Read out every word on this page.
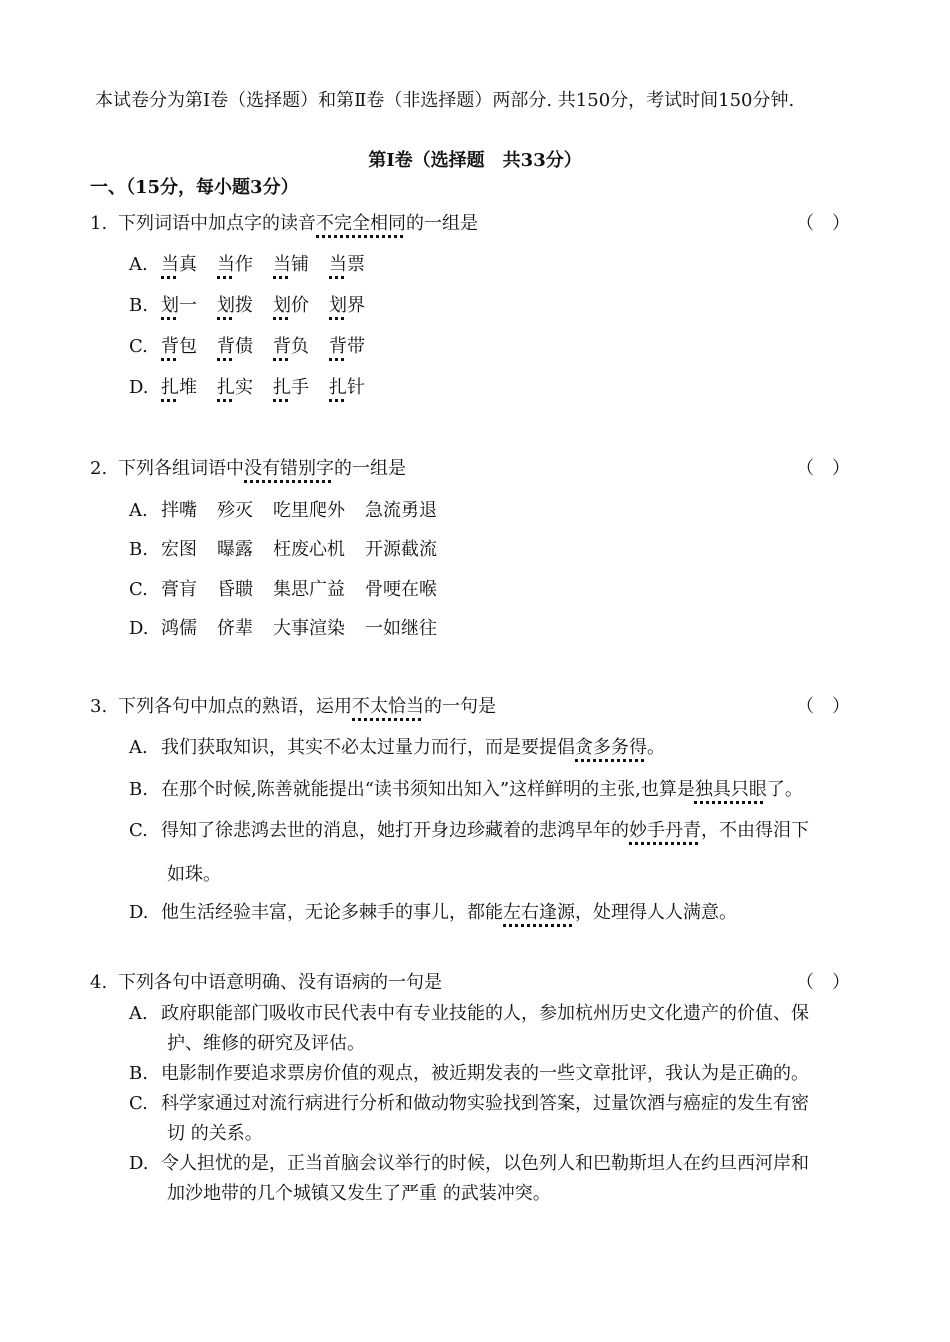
本试卷分为第Ⅰ卷（选择题）和第Ⅱ卷（非选择题）两部分. 共150分，考试时间150分钟.
第Ⅰ卷（选择题　共33分）
一、（15分，每小题3分）
1. 下列词语中加点字的读音不完全相同的一组是	（　）
A. 当真 当作 当铺 当票
B. 划一 划拨 划价 划界
C. 背包 背债 背负 背带
D. 扎堆 扎实 扎手 扎针
2. 下列各组词语中没有错别字的一组是	（　）
A. 拌嘴 殄灭 吃里爬外 急流勇退
B. 宏图 曝露 枉废心机 开源截流
C. 膏肓 昏聩 集思广益 骨哽在喉
D. 鸿儒 侪辈 大事渲染 一如继往
3. 下列各句中加点的熟语，运用不太恰当的一句是	（　）
A. 我们获取知识，其实不必太过量力而行，而是要提倡贪多务得。
B. 在那个时候,陈善就能提出“读书须知出知入”这样鲜明的主张,也算是独具只眼了。
C. 得知了徐悲鸿去世的消息，她打开身边珍藏着的悲鸿早年的妙手丹青，不由得泪下
如珠。
D. 他生活经验丰富，无论多棘手的事儿，都能左右逢源，处理得人人满意。
4. 下列各句中语意明确、没有语病的一句是	（　）
A. 政府职能部门吸收市民代表中有专业技能的人，参加杭州历史文化遗产的价值、保
护、维修的研究及评估。
B. 电影制作要追求票房价值的观点，被近期发表的一些文章批评，我认为是正确的。
C. 科学家通过对流行病进行分析和做动物实验找到答案，过量饮酒与癌症的发生有密
切 的关系。
D. 令人担忧的是，正当首脑会议举行的时候，以色列人和巴勒斯坦人在约旦西河岸和
加沙地带的几个城镇又发生了严重 的武装冲突。
